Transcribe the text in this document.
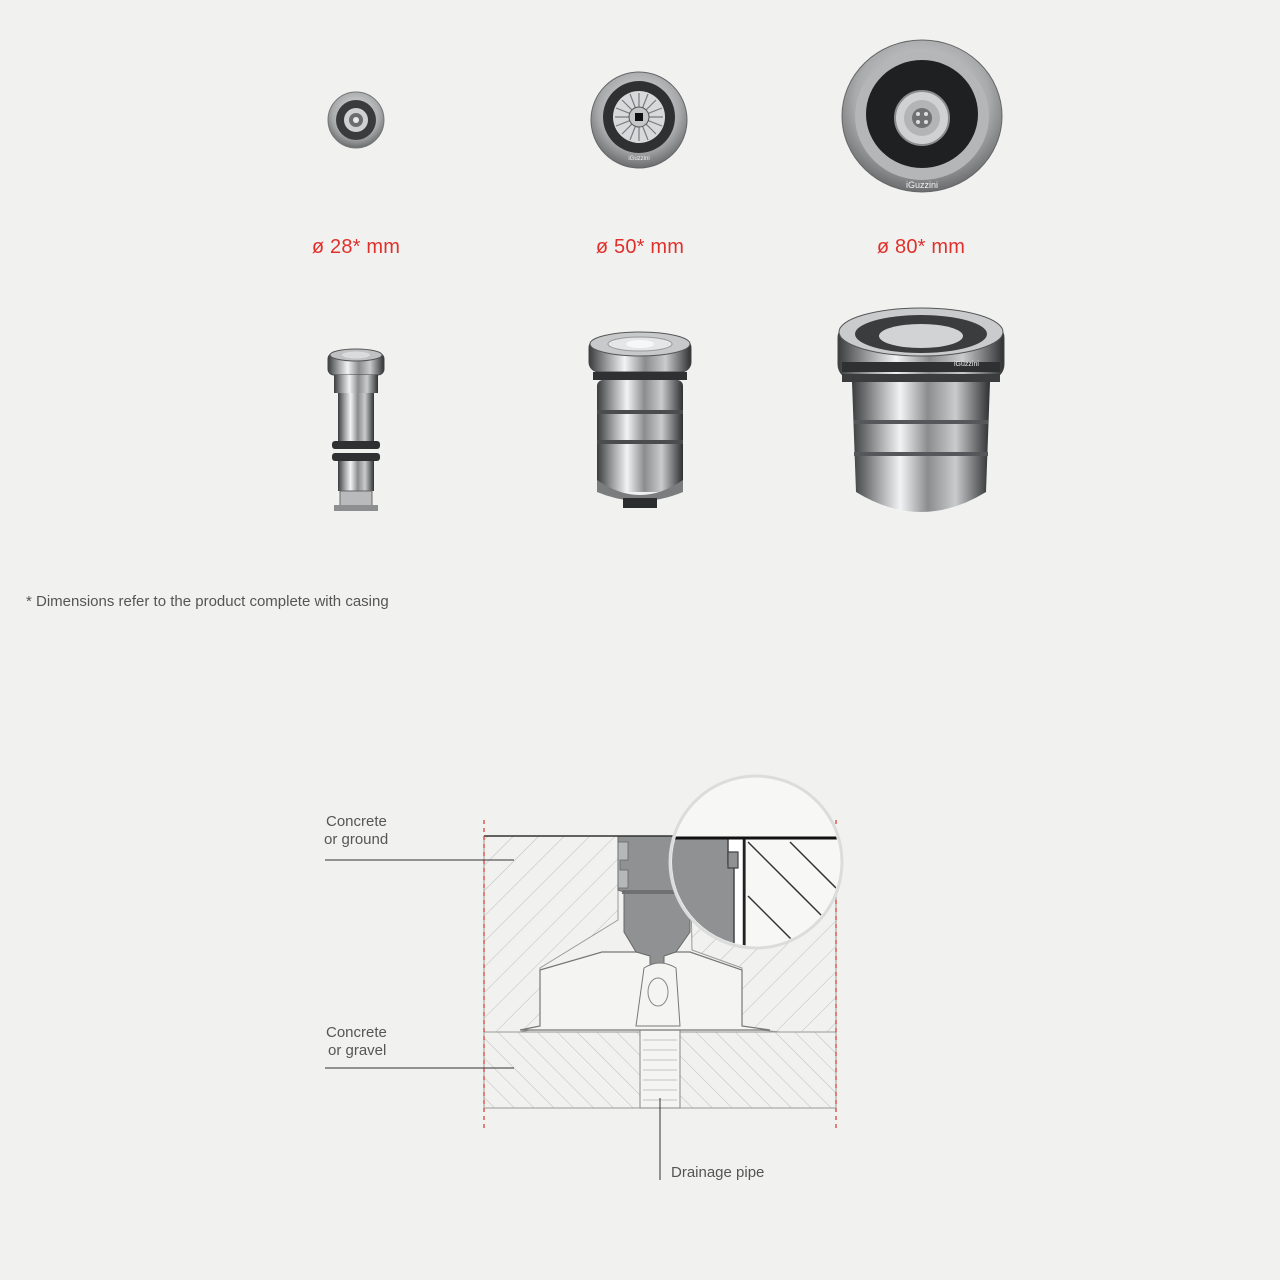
iGuzzini
iGuzzini
ø 28* mm	ø 50* mm	ø 80* mm
iGuzzini
* Dimensions refer to the product complete with casing
Concrete
or ground
Concrete
or gravel
Drainage pipe
